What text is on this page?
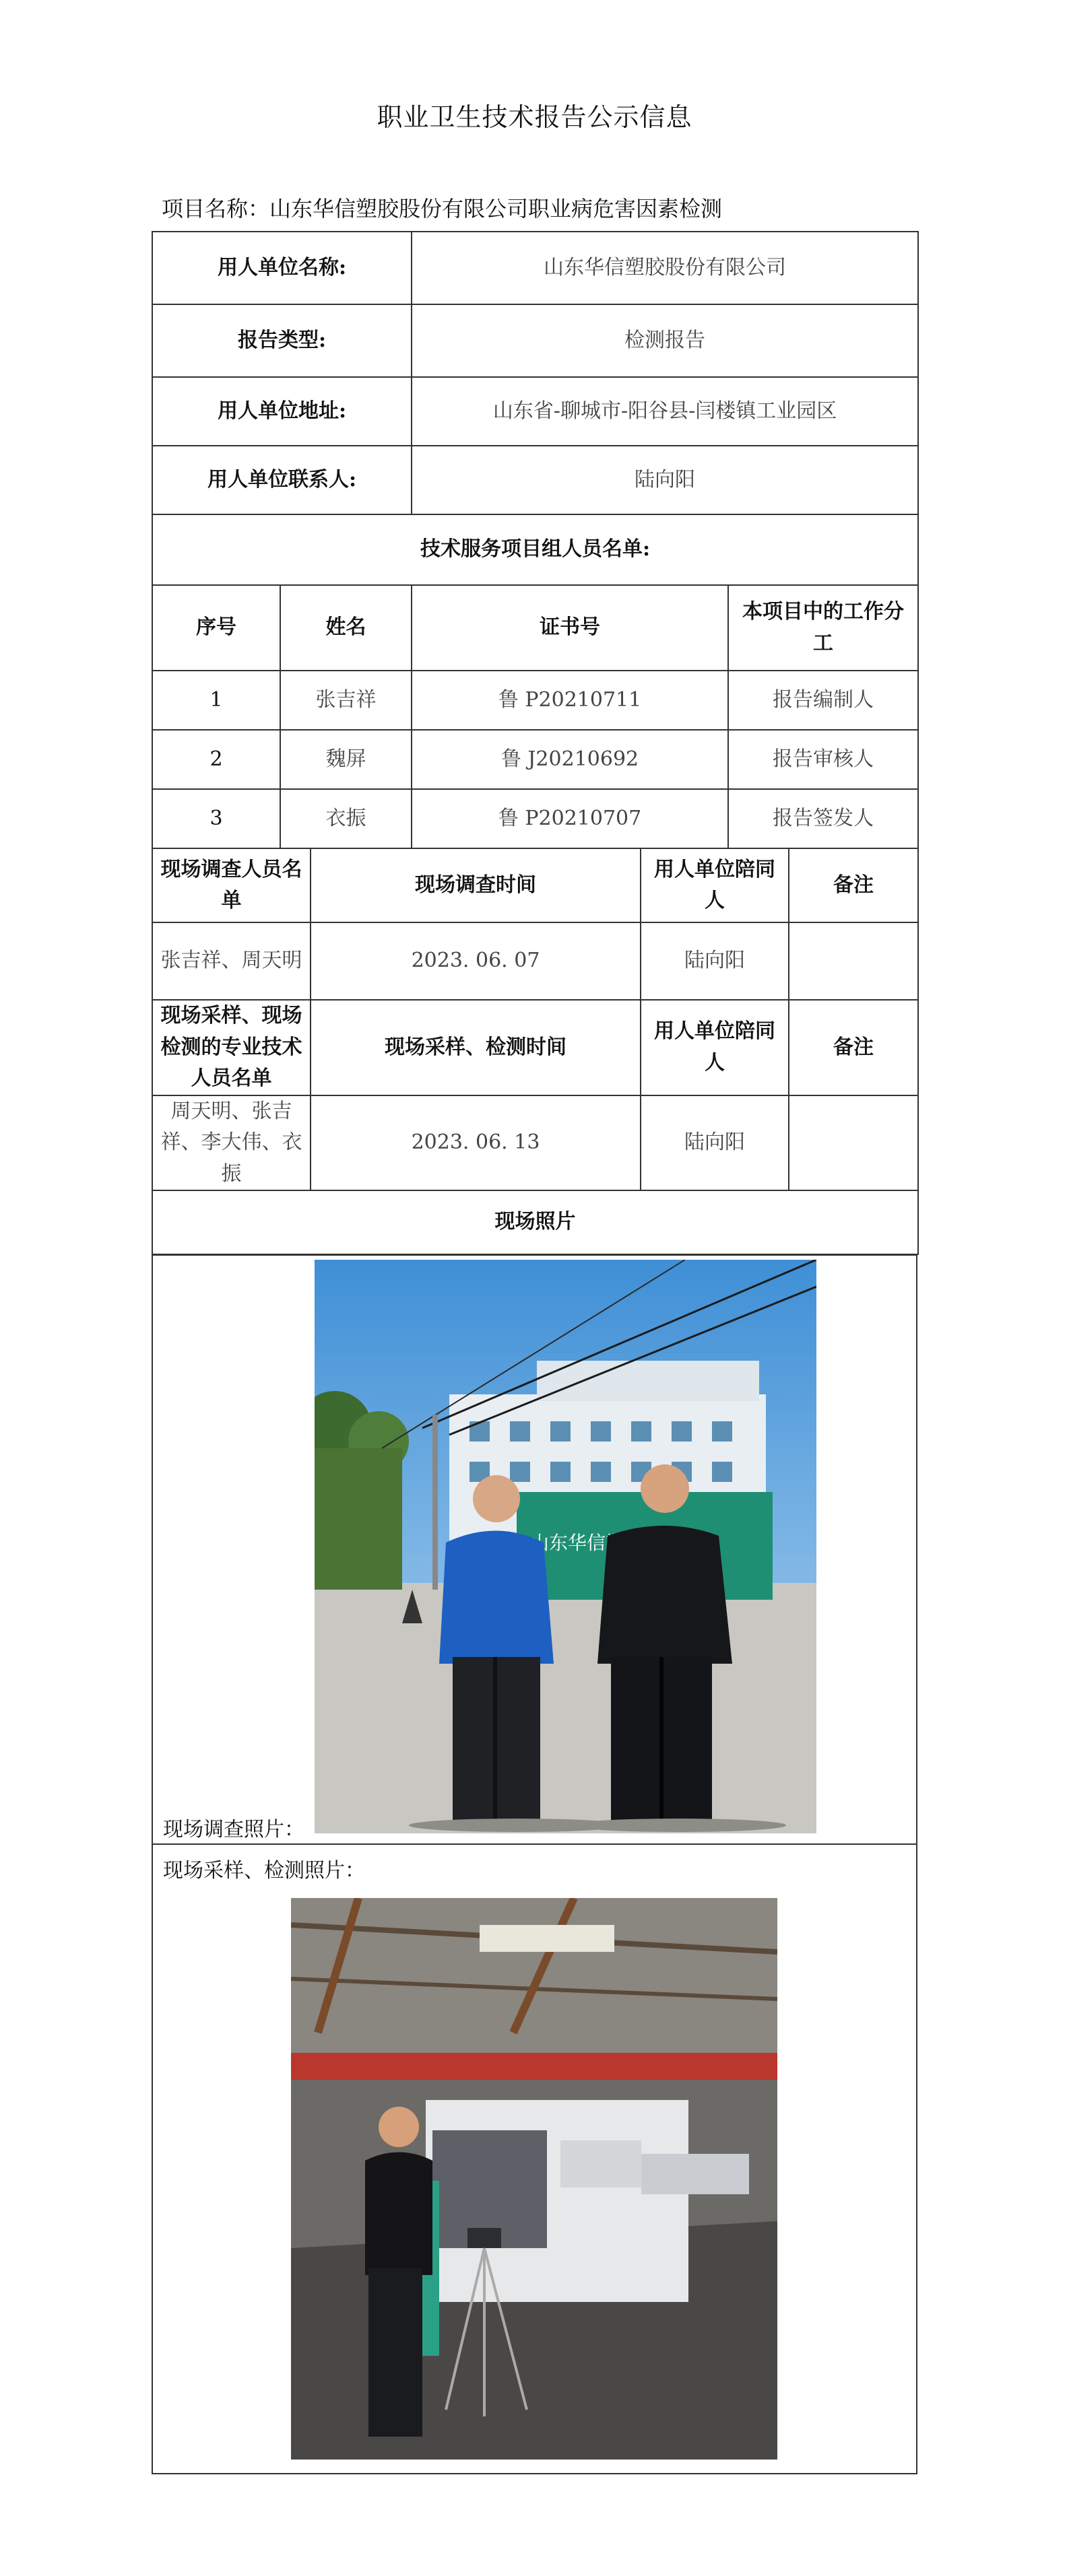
职业卫生技术报告公示信息
项目名称：山东华信塑胶股份有限公司职业病危害因素检测
用人单位名称:			山东华信塑胶股份有限公司			
报告类型:			检测报告			
用人单位地址:			山东省-聊城市-阳谷县-闫楼镇工业园区			
用人单位联系人:			陆向阳			
技术服务项目组人员名单:						
序号	姓名		证书号		本项目中的工作分工	
1	张吉祥		鲁 P20210711		报告编制人	
2	魏屏		鲁 J20210692		报告审核人	
3	衣振		鲁 P20210707		报告签发人	
现场调查人员名单		现场调查时间		用人单位陪同人		备注
张吉祥、周天明		2023. 06. 07		陆向阳		
现场采样、现场检测的专业技术人员名单		现场采样、检测时间		用人单位陪同人		备注
周天明、张吉祥、李大伟、衣振		2023. 06. 13		陆向阳		
现场照片						
现场调查照片：
现场采样、检测照片：
